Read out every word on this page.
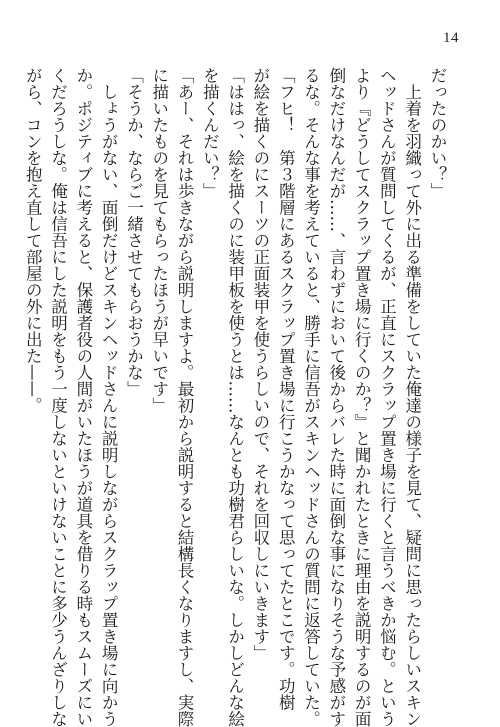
14
だったのかい？」
　上着を羽織って外に出る準備をしていた俺達の様子を見て、疑問に思ったらしいスキン
ヘッドさんが質問してくるが、正直にスクラップ置き場に行くと言うべきか悩む。という
より『どうしてスクラップ置き場に行くのか？』と聞かれたときに理由を説明するのが面
倒なだけなんだが……、言わずにおいて後からバレた時に面倒な事になりそうな予感がす
るな。そんな事を考えていると、勝手に信吾がスキンヘッドさんの質問に返答していた。
「フヒ！　第３階層にあるスクラップ置き場に行こうかなって思ってたとこです。功樹
が絵を描くのにスーツの正面装甲を使うらしいので、それを回収しにいきます」
「ははっ、絵を描くのに装甲板を使うとは……なんとも功樹君らしいな。しかしどんな絵
を描くんだい？」
「あー、それは歩きながら説明しますよ。最初から説明すると結構長くなりますし、実際
に描いたものを見てもらったほうが早いです」
「そうか、ならご一緒させてもらおうかな」
　しょうがない、面倒だけどスキンヘッドさんに説明しながらスクラップ置き場に向かう
か。ポジティブに考えると、保護者役の人間がいたほうが道具を借りる時もスムーズにい
くだろうしな。俺は信吾にした説明をもう一度しないといけないことに多少うんざりしな
がら、コンを抱え直して部屋の外に出た——。
